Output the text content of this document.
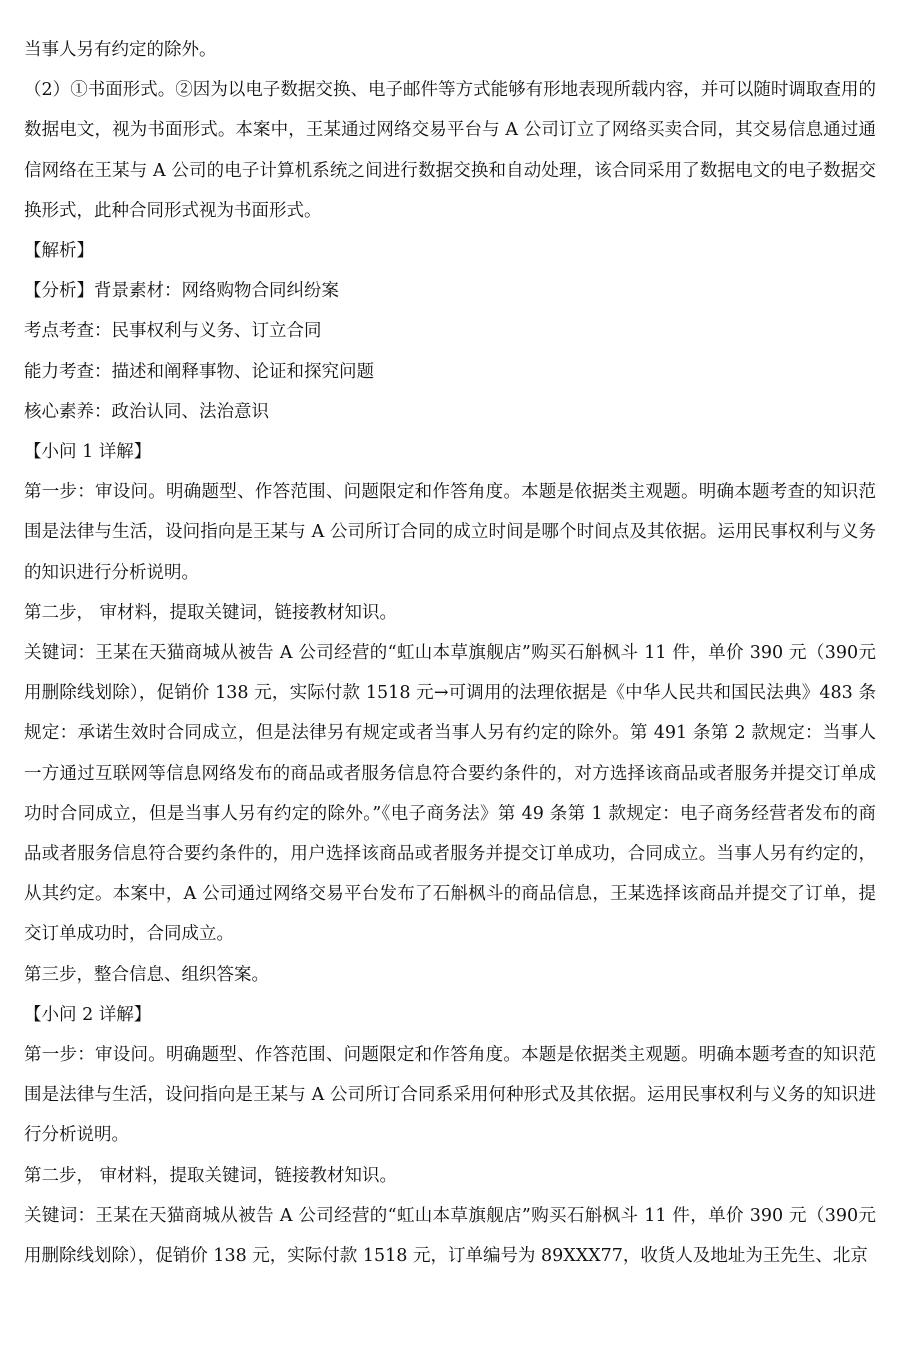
当事人另有约定的除外。

（2）①书面形式。②因为以电子数据交换、电子邮件等方式能够有形地表现所载内容，并可以随时调取查用的数据电文，视为书面形式。本案中，王某通过网络交易平台与 A 公司订立了网络买卖合同，其交易信息通过通信网络在王某与 A 公司的电子计算机系统之间进行数据交换和自动处理，该合同采用了数据电文的电子数据交换形式，此种合同形式视为书面形式。

【解析】

【分析】背景素材：网络购物合同纠纷案

考点考查：民事权利与义务、订立合同

能力考查：描述和阐释事物、论证和探究问题

核心素养：政治认同、法治意识

【小问 1 详解】

第一步：审设问。明确题型、作答范围、问题限定和作答角度。本题是依据类主观题。明确本题考查的知识范围是法律与生活，设问指向是王某与 A 公司所订合同的成立时间是哪个时间点及其依据。运用民事权利与义务的知识进行分析说明。

第二步， 审材料，提取关键词，链接教材知识。

关键词：王某在天猫商城从被告 A 公司经营的“虹山本草旗舰店”购买石斛枫斗 11 件，单价 390 元（390元用删除线划除），促销价 138 元，实际付款 1518 元→可调用的法理依据是《中华人民共和国民法典》483 条规定：承诺生效时合同成立，但是法律另有规定或者当事人另有约定的除外。第 491 条第 2 款规定：当事人一方通过互联网等信息网络发布的商品或者服务信息符合要约条件的，对方选择该商品或者服务并提交订单成功时合同成立，但是当事人另有约定的除外。”《电子商务法》第 49 条第 1 款规定：电子商务经营者发布的商品或者服务信息符合要约条件的，用户选择该商品或者服务并提交订单成功，合同成立。当事人另有约定的，从其约定。本案中，A 公司通过网络交易平台发布了石斛枫斗的商品信息，王某选择该商品并提交了订单，提交订单成功时，合同成立。

第三步，整合信息、组织答案。

【小问 2 详解】

第一步：审设问。明确题型、作答范围、问题限定和作答角度。本题是依据类主观题。明确本题考查的知识范围是法律与生活，设问指向是王某与 A 公司所订合同系采用何种形式及其依据。运用民事权利与义务的知识进行分析说明。

第二步， 审材料，提取关键词，链接教材知识。

关键词：王某在天猫商城从被告 A 公司经营的“虹山本草旗舰店”购买石斛枫斗 11 件，单价 390 元（390元用删除线划除），促销价 138 元，实际付款 1518 元，订单编号为 89XXX77，收货人及地址为王先生、北京
